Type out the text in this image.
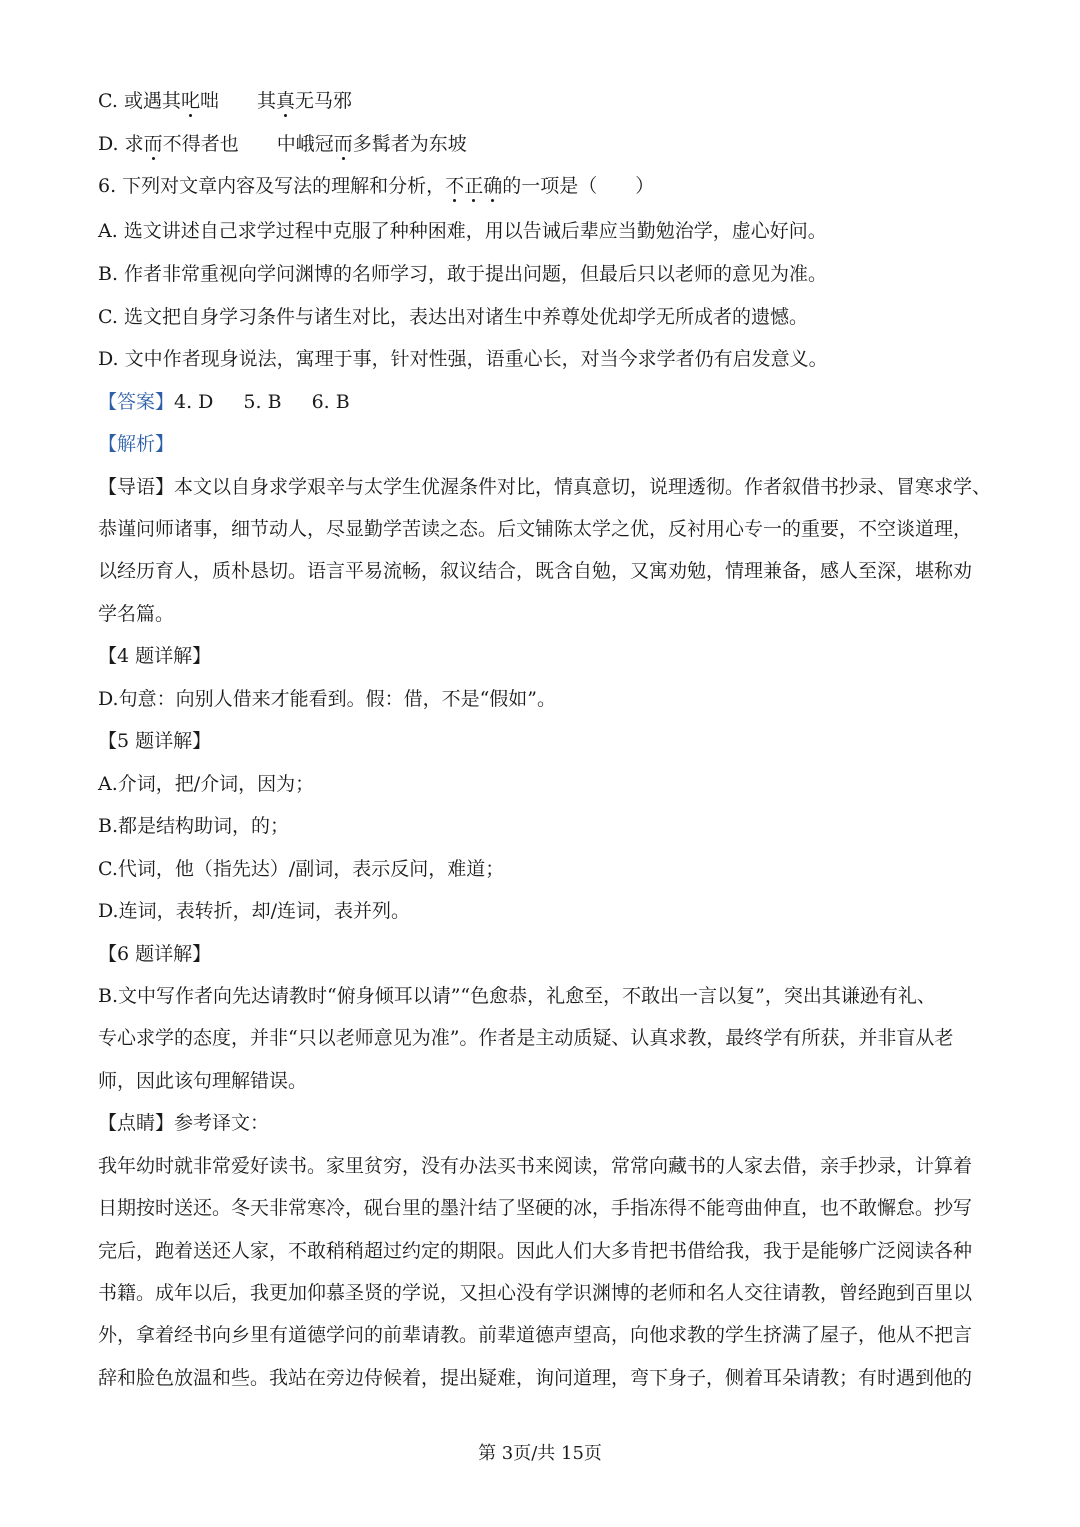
C. 或遇其叱咄 其真无马邪
D. 求而不得者也 中峨冠而多髯者为东坡
6. 下列对文章内容及写法的理解和分析，不正确的一项是（　　）
A. 选文讲述自己求学过程中克服了种种困难，用以告诫后辈应当勤勉治学，虚心好问。
B. 作者非常重视向学问渊博的名师学习，敢于提出问题，但最后只以老师的意见为准。
C. 选文把自身学习条件与诸生对比，表达出对诸生中养尊处优却学无所成者的遗憾。
D. 文中作者现身说法，寓理于事，针对性强，语重心长，对当今求学者仍有启发意义。
【答案】4. D 5. B 6. B
【解析】
【导语】本文以自身求学艰辛与太学生优渥条件对比，情真意切，说理透彻。作者叙借书抄录、冒寒求学、
恭谨问师诸事，细节动人，尽显勤学苦读之态。后文铺陈太学之优，反衬用心专一的重要，不空谈道理，
以经历育人，质朴恳切。语言平易流畅，叙议结合，既含自勉，又寓劝勉，情理兼备，感人至深，堪称劝
学名篇。
【4 题详解】
D.句意：向别人借来才能看到。假：借，不是“假如”。
【5 题详解】
A.介词，把/介词，因为；
B.都是结构助词，的；
C.代词，他（指先达）/副词，表示反问，难道；
D.连词，表转折，却/连词，表并列。
【6 题详解】
B.文中写作者向先达请教时“俯身倾耳以请”“色愈恭，礼愈至，不敢出一言以复”，突出其谦逊有礼、
专心求学的态度，并非“只以老师意见为准”。作者是主动质疑、认真求教，最终学有所获，并非盲从老
师，因此该句理解错误。
【点睛】参考译文：
我年幼时就非常爱好读书。家里贫穷，没有办法买书来阅读，常常向藏书的人家去借，亲手抄录，计算着
日期按时送还。冬天非常寒冷，砚台里的墨汁结了坚硬的冰，手指冻得不能弯曲伸直，也不敢懈怠。抄写
完后，跑着送还人家，不敢稍稍超过约定的期限。因此人们大多肯把书借给我，我于是能够广泛阅读各种
书籍。成年以后，我更加仰慕圣贤的学说，又担心没有学识渊博的老师和名人交往请教，曾经跑到百里以
外，拿着经书向乡里有道德学问的前辈请教。前辈道德声望高，向他求教的学生挤满了屋子，他从不把言
辞和脸色放温和些。我站在旁边侍候着，提出疑难，询问道理，弯下身子，侧着耳朵请教；有时遇到他的
第 3页/共 15页
